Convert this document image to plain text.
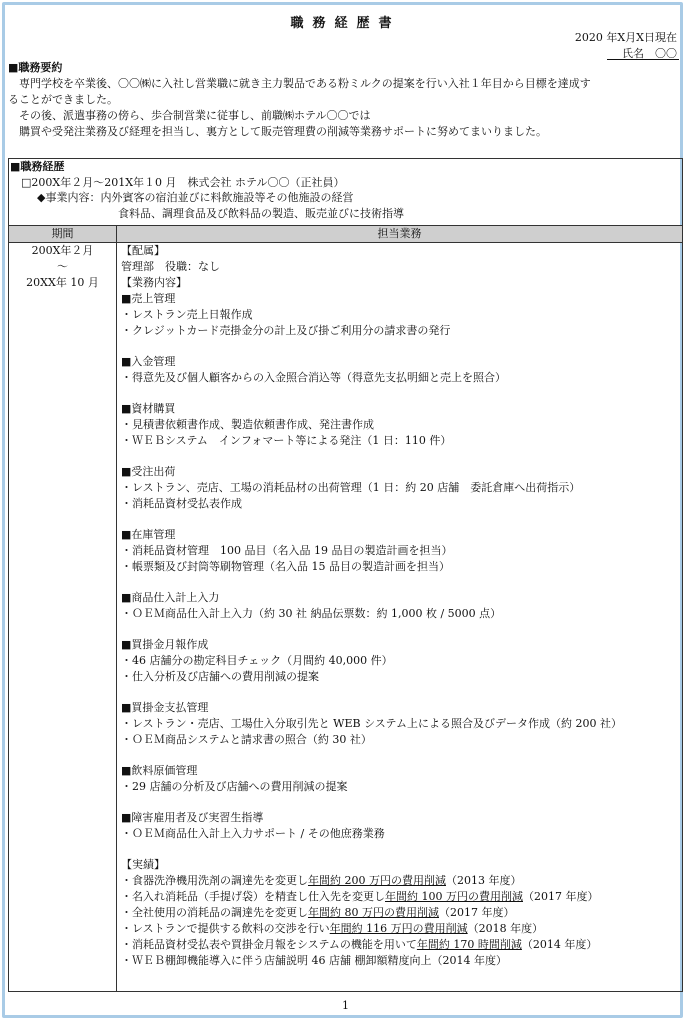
職務経歴書
2020 年X月X日現在
氏名　〇〇
■職務要約

専門学校を卒業後、〇〇㈱に入社し営業職に就き主力製品である粉ミルクの提案を行い入社１年目から目標を達成す

ることができました。

その後、派遣事務の傍ら、歩合制営業に従事し、前職㈱ホテル〇〇では

購買や受発注業務及び経理を担当し、裏方として販売管理費の削減等業務サポートに努めてまいりました。

■職務経歴
□200X年２月～201X年１0 月　株式会社 ホテル〇〇（正社員）
◆事業内容：内外賓客の宿泊並びに料飲施設等その他施設の経営
食料品、調理食品及び飲料品の製造、販売並びに技術指導
期間	担当業務
200X年２月
～
20XX年 10 月
【配属】
管理部　役職：なし
【業務内容】
■売上管理
・レストラン売上日報作成
・クレジットカード売掛金分の計上及び掛ご利用分の請求書の発行
■入金管理
・得意先及び個人顧客からの入金照合消込等（得意先支払明細と売上を照合）
■資材購買
・見積書依頼書作成、製造依頼書作成、発注書作成
・ＷＥＢシステム　インフォマート等による発注（1 日：110 件）
■受注出荷
・レストラン、売店、工場の消耗品材の出荷管理（1 日：約 20 店舗　委託倉庫へ出荷指示）
・消耗品資材受払表作成
■在庫管理
・消耗品資材管理　100 品目（名入品 19 品目の製造計画を担当）
・帳票類及び封筒等刷物管理（名入品 15 品目の製造計画を担当）
■商品仕入計上入力
・ＯＥＭ商品仕入計上入力（約 30 社 納品伝票数：約 1,000 枚 / 5000 点）
■買掛金月報作成
・46 店舗分の勘定科目チェック（月間約 40,000 件）
・仕入分析及び店舗への費用削減の提案
■買掛金支払管理
・レストラン・売店、工場仕入分取引先と WEB システム上による照合及びデータ作成（約 200 社）
・ＯＥＭ商品システムと請求書の照合（約 30 社）
■飲料原価管理
・29 店舗の分析及び店舗への費用削減の提案
■障害雇用者及び実習生指導
・ＯＥＭ商品仕入計上入力サポート / その他庶務業務
【実績】
・食器洗浄機用洗剤の調達先を変更し年間約 200 万円の費用削減（2013 年度）
・名入れ消耗品（手提げ袋）を精査し仕入先を変更し年間約 100 万円の費用削減（2017 年度）
・全社使用の消耗品の調達先を変更し年間約 80 万円の費用削減（2017 年度）
・レストランで提供する飲料の交渉を行い年間約 116 万円の費用削減（2018 年度）
・消耗品資材受払表や買掛金月報をシステムの機能を用いて年間約 170 時間削減（2014 年度）
・ＷＥＢ棚卸機能導入に伴う店舗説明 46 店舗 棚卸額精度向上（2014 年度）
1
